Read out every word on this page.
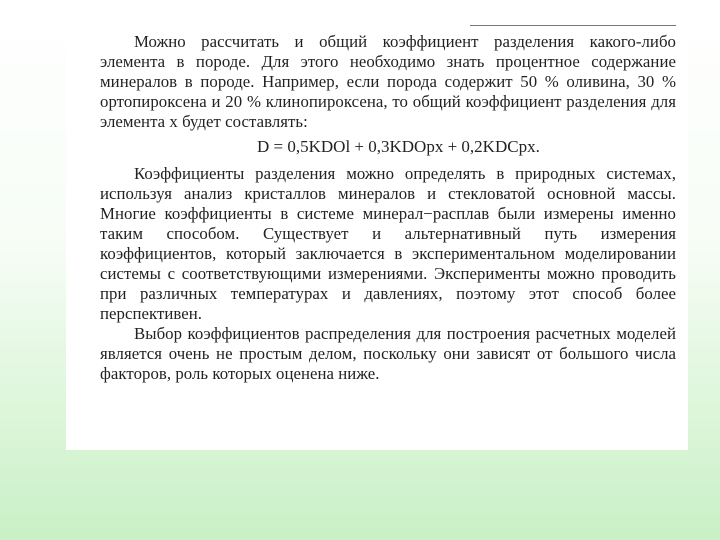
Можно рассчитать и общий коэффициент разделения какого-либо элемента в породе. Для этого необходимо знать процентное содержание минералов в породе. Например, если порода содержит 50 % оливина, 30 % ортопироксена и 20 % клинопироксена, то общий коэффициент разделения для элемента x будет составлять:

D = 0,5KDOl + 0,3KDOpx + 0,2KDCpx.

Коэффициенты разделения можно определять в природных системах, используя анализ кристаллов минералов и стекловатой основной массы. Многие коэффициенты в системе минерал−расплав были измерены именно таким способом. Существует и альтернативный путь измерения коэффициентов, который заключается в экспериментальном моделировании системы с соответствующими измерениями. Эксперименты можно проводить при различных температурах и давлениях, поэтому этот способ более перспективен.

Выбор коэффициентов распределения для построения расчетных моделей является очень не простым делом, поскольку они зависят от большого числа факторов, роль которых оценена ниже.
